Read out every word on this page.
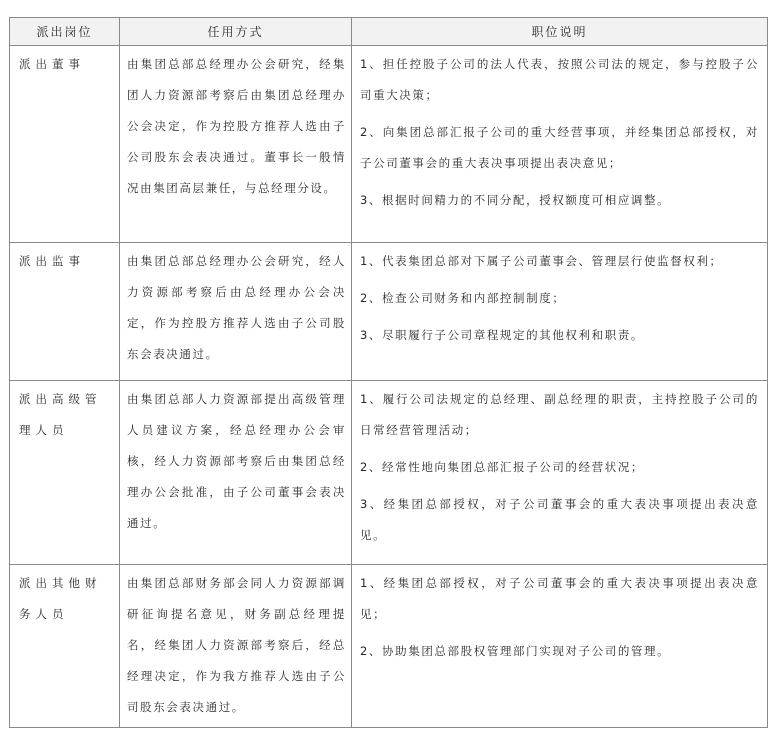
派出岗位	任用方式	职位说明
派出董事	由集团总部总经理办公会研究，经集团人力资源部考察后由集团总经理办公会决定，作为控股方推荐人选由子公司股东会表决通过。董事长一般情况由集团高层兼任，与总经理分设。	1、担任控股子公司的法人代表，按照公司法的规定，参与控股子公司重大决策；

2、向集团总部汇报子公司的重大经营事项，并经集团总部授权，对子公司董事会的重大表决事项提出表决意见；

3、根据时间精力的不同分配，授权额度可相应调整。

派出监事	由集团总部总经理办公会研究，经人力资源部考察后由总经理办公会决定，作为控股方推荐人选由子公司股东会表决通过。	1、代表集团总部对下属子公司董事会、管理层行使监督权利；

2、检查公司财务和内部控制制度；

3、尽职履行子公司章程规定的其他权利和职责。

派出高级管理人员	由集团总部人力资源部提出高级管理人员建议方案，经总经理办公会审核，经人力资源部考察后由集团总经理办公会批准，由子公司董事会表决通过。	1、履行公司法规定的总经理、副总经理的职责，主持控股子公司的日常经营管理活动；

2、经常性地向集团总部汇报子公司的经营状况；

3、经集团总部授权，对子公司董事会的重大表决事项提出表决意见。

派出其他财务人员	由集团总部财务部会同人力资源部调研征询提名意见，财务副总经理提名，经集团人力资源部考察后，经总经理决定，作为我方推荐人选由子公司股东会表决通过。	1、经集团总部授权，对子公司董事会的重大表决事项提出表决意见；

2、协助集团总部股权管理部门实现对子公司的管理。
